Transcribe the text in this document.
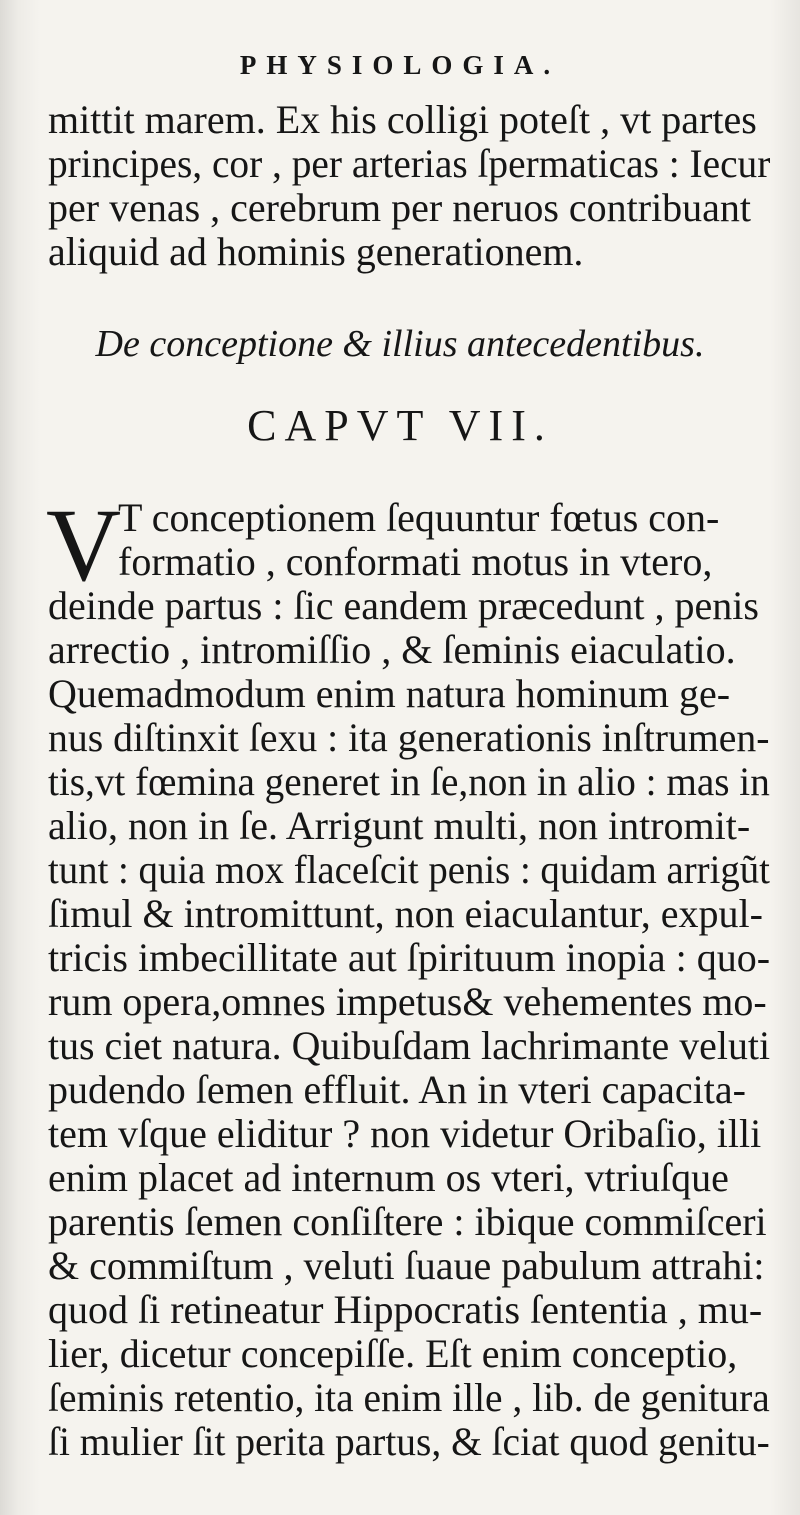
PHYSIOLOGIA.
mittit marem. Ex his colligi poteſt , vt partes
principes, cor , per arterias ſpermaticas : Iecur
per venas , cerebrum per neruos contribuant
aliquid ad hominis generationem.
De conceptione & illius antecedentibus.
CAPVT VII.
V
T conceptionem ſequuntur fœtus con-
formatio , conformati motus in vtero,
deinde partus : ſic eandem præcedunt , penis
arrectio , intromiſſio , & ſeminis eiaculatio.
Quemadmodum enim natura hominum ge-
nus diſtinxit ſexu : ita generationis inſtrumen-
tis,vt fœmina generet in ſe,non in alio : mas in
alio, non in ſe. Arrigunt multi, non intromit-
tunt : quia mox flaceſcit penis : quidam arrigũt
ſimul & intromittunt, non eiaculantur, expul-
tricis imbecillitate aut ſpirituum inopia : quo-
rum opera,omnes impetus& vehementes mo-
tus ciet natura. Quibuſdam lachrimante veluti
pudendo ſemen effluit. An in vteri capacita-
tem vſque eliditur ? non videtur Oribaſio, illi
enim placet ad internum os vteri, vtriuſque
parentis ſemen conſiſtere : ibique commiſceri
& commiſtum , veluti ſuaue pabulum attrahi:
quod ſi retineatur Hippocratis ſententia , mu-
lier, dicetur concepiſſe. Eſt enim conceptio,
ſeminis retentio, ita enim ille , lib. de genitura
ſi mulier ſit perita partus, & ſciat quod genitu-
